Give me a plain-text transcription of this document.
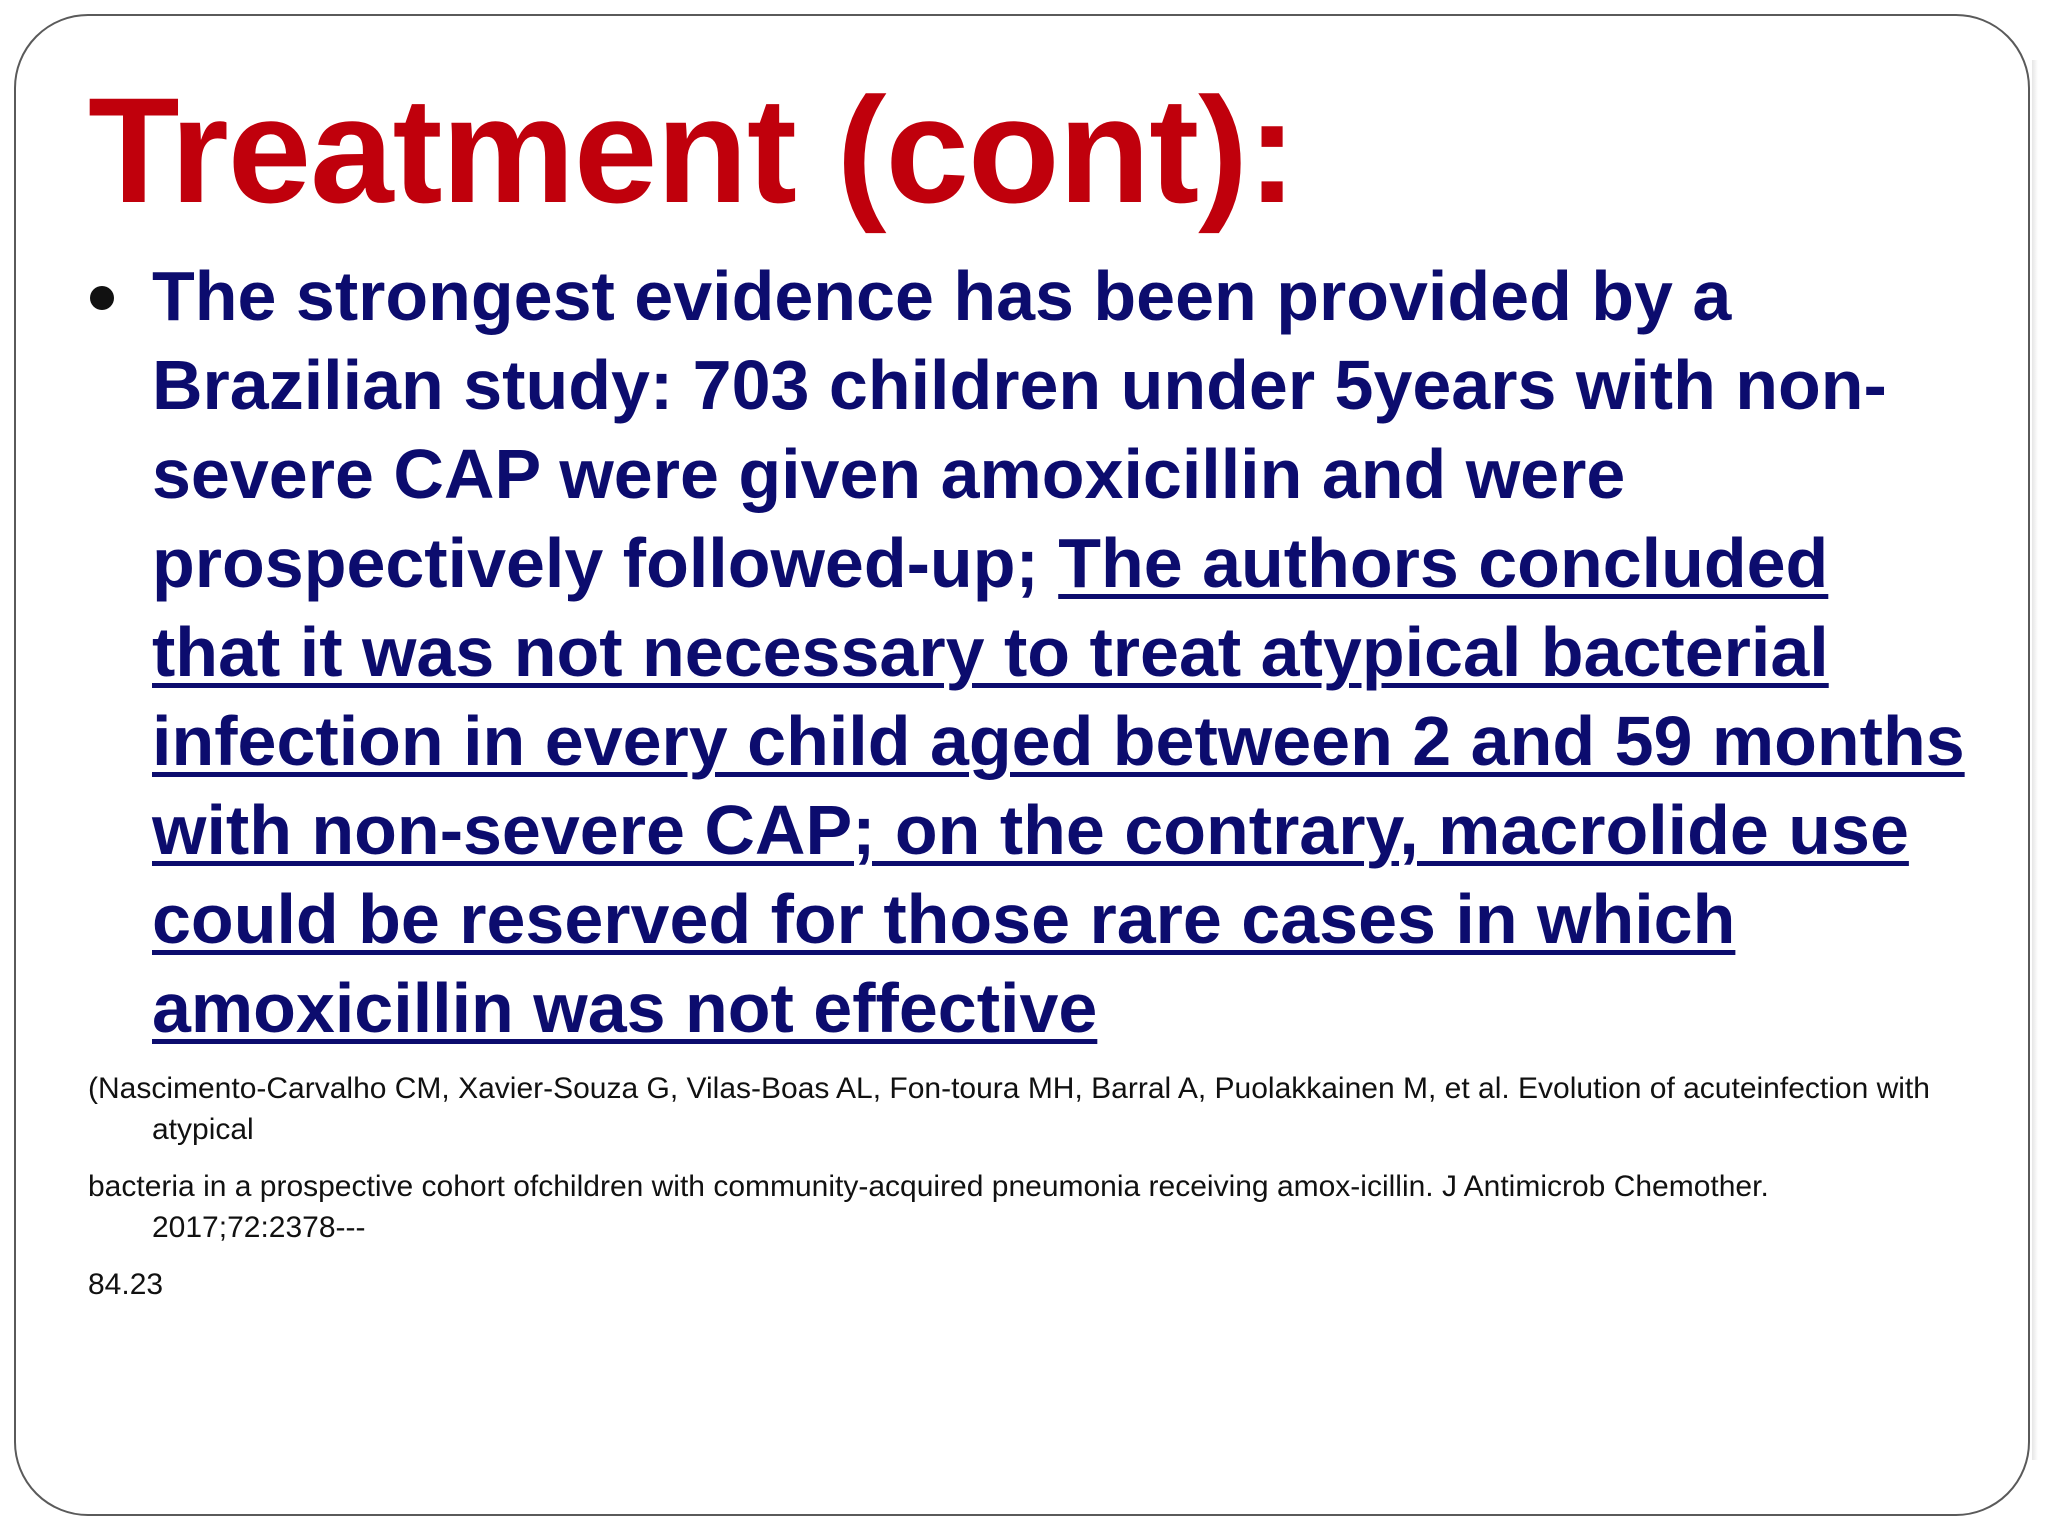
Treatment (cont):

The strongest evidence has been provided by a Brazilian study: 703 children under 5years with non-severe CAP were given amoxicillin and were prospectively followed-up; The authors concluded that it was not necessary to treat atypical bacterial infection in every child aged between 2 and 59 months with non-severe CAP; on the contrary, macrolide use could be reserved for those rare cases in which amoxicillin was not effective

(Nascimento-Carvalho CM, Xavier-Souza G, Vilas-Boas AL, Fon-toura MH, Barral A, Puolakkainen M, et al. Evolution of acuteinfection with atypical

bacteria in a prospective cohort ofchildren with community-acquired pneumonia receiving amox-icillin. J Antimicrob Chemother. 2017;72:2378---

84.23
